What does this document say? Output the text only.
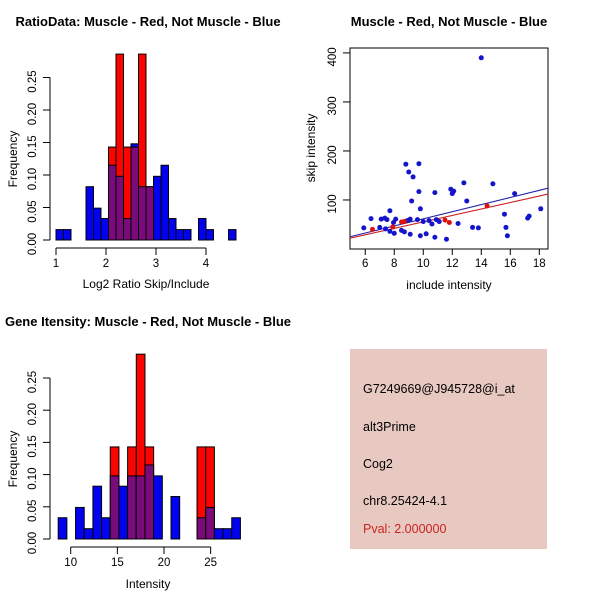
RatioData: Muscle - Red, Not Muscle - Blue
0.00
0.05
0.10
0.15
0.20
0.25
1	2	3	4
Log2 Ratio Skip/Include
Frequency
Muscle - Red, Not Muscle - Blue
6 8 10 12 14 16 18
100
200
300
400
include intensity
skip intensity
Gene Itensity: Muscle - Red, Not Muscle - Blue
0.00
0.05
0.10
0.15
0.20
0.25
10	15	20	25
Intensity
Frequency
G7249669@J945728@i_at
alt3Prime
Cog2
chr8.25424-4.1
Pval: 2.000000
